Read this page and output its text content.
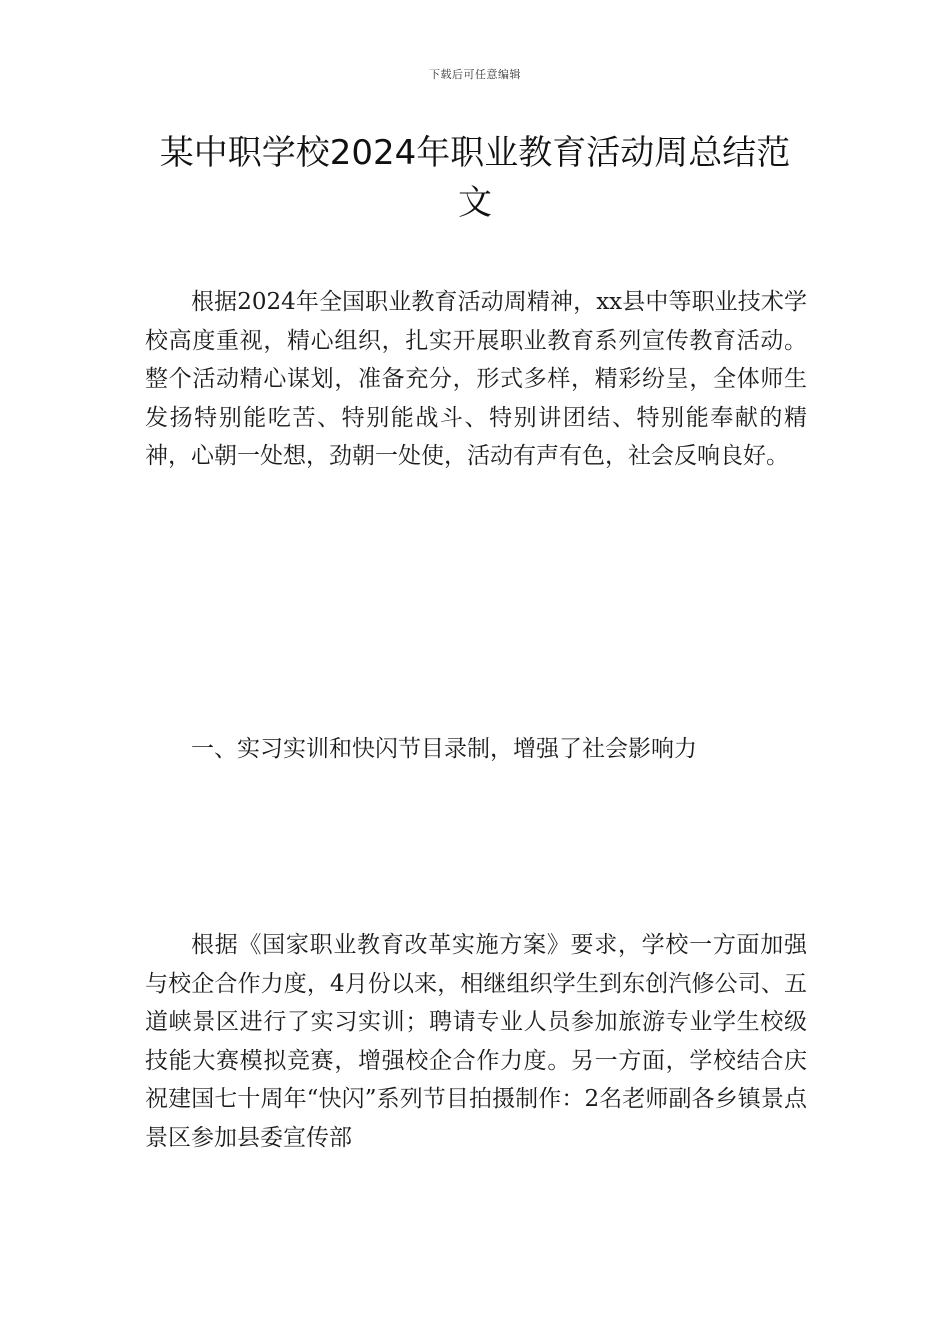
下载后可任意编辑
某中职学校2024年职业教育活动周总结范文

根据2024年全国职业教育活动周精神，xx县中等职业技术学校高度重视，精心组织，扎实开展职业教育系列宣传教育活动。整个活动精心谋划，准备充分，形式多样，精彩纷呈，全体师生发扬特别能吃苦、特别能战斗、特别讲团结、特别能奉献的精神，心朝一处想，劲朝一处使，活动有声有色，社会反响良好。

一、实习实训和快闪节目录制，增强了社会影响力

根据《国家职业教育改革实施方案》要求，学校一方面加强与校企合作力度，4月份以来，相继组织学生到东创汽修公司、五道峡景区进行了实习实训；聘请专业人员参加旅游专业学生校级技能大赛模拟竞赛，增强校企合作力度。另一方面，学校结合庆祝建国七十周年“快闪”系列节目拍摄制作：2名老师副各乡镇景点景区参加县委宣传部
